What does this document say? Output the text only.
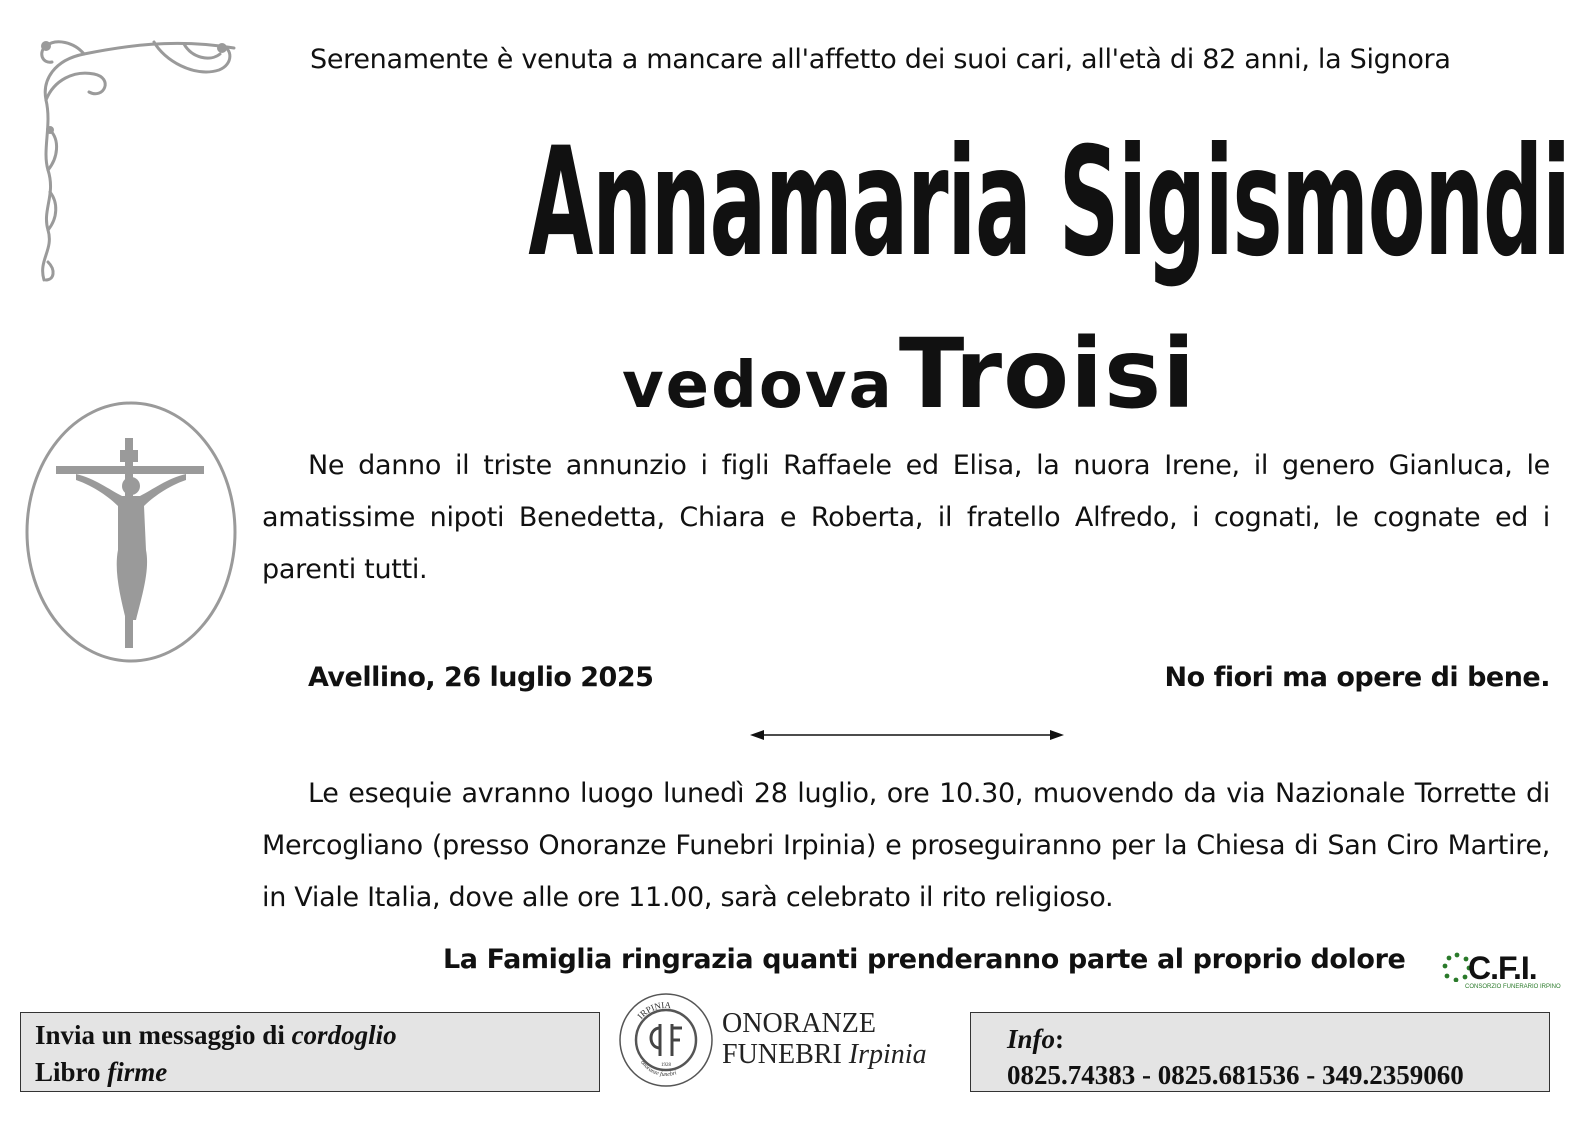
Serenamente è venuta a mancare all'affetto dei suoi cari, all'età di 82 anni, la Signora
Annamaria Sigismondi
vedova Troisi
Ne danno il triste annunzio i figli Raffaele ed Elisa, la nuora Irene, il genero Gianluca, le amatissime nipoti Benedetta, Chiara e Roberta, il fratello Alfredo, i cognati, le cognate ed i parenti tutti.
Avellino, 26 luglio 2025	No fiori ma opere di bene.
Le esequie avranno luogo lunedì 28 luglio, ore 10.30, muovendo da via Nazionale Torrette di Mercogliano (presso Onoranze Funebri Irpinia) e proseguiranno per la Chiesa di San Ciro Martire, in Viale Italia, dove alle ore 11.00, sarà celebrato il rito religioso.
La Famiglia ringrazia quanti prenderanno parte al proprio dolore C.F.I.
CONSORZIO FUNERARIO IRPINO
Invia un messaggio di cordoglio
Libro firme
IRPINIA
onoranze funebri
1928
ONORANZE
FUNEBRI Irpinia	Info:
0825.74383 - 0825.681536 - 349.2359060
